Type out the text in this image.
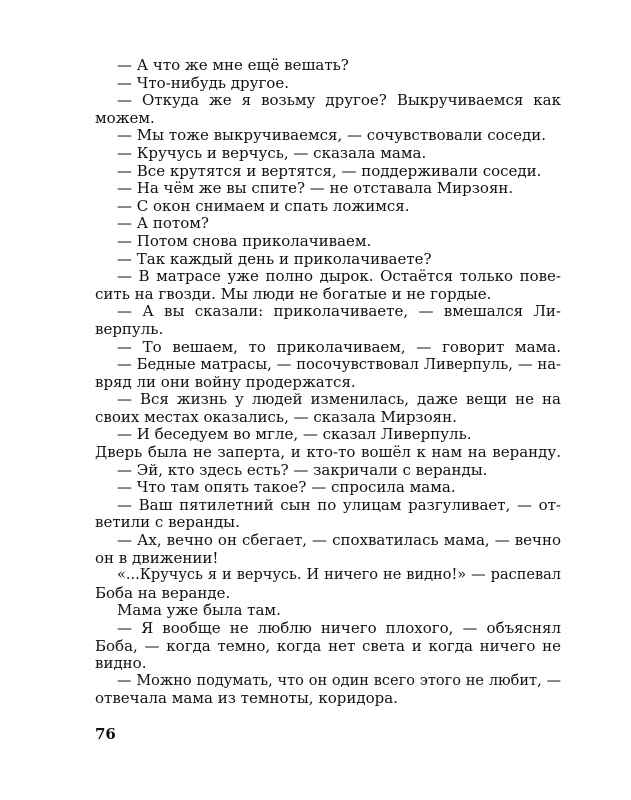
— А что же мне ещё вешать?
— Что-нибудь другое.
— Откуда же я возьму другое? Выкручиваемся как
можем.
— Мы тоже выкручиваемся, — сочувствовали соседи.
— Кручусь и верчусь, — сказала мама.
— Все крутятся и вертятся, — поддерживали соседи.
— На чём же вы спите? — не отставала Мирзоян.
— С окон снимаем и спать ложимся.
— А потом?
— Потом снова приколачиваем.
— Так каждый день и приколачиваете?
— В матрасе уже полно дырок. Остаётся только пове-
сить на гвозди. Мы люди не богатые и не гордые.
— А вы сказали: приколачиваете, — вмешался Ли-
верпуль.
— То вешаем, то приколачиваем, — говорит мама.
— Бедные матрасы, — посочувствовал Ливерпуль, — на-
вряд ли они войну продержатся.
— Вся жизнь у людей изменилась, даже вещи не на
своих местах оказались, — сказала Мирзоян.
— И беседуем во мгле, — сказал Ливерпуль.
Дверь была не заперта, и кто-то вошёл к нам на веранду.
— Эй, кто здесь есть? — закричали с веранды.
— Что там опять такое? — спросила мама.
— Ваш пятилетний сын по улицам разгуливает, — от-
ветили с веранды.
— Ах, вечно он сбегает, — спохватилась мама, — вечно
он в движении!
«...Кручусь я и верчусь. И ничего не видно!» — распевал
Боба на веранде.
Мама уже была там.
— Я вообще не люблю ничего плохого, — объяснял
Боба, — когда темно, когда нет света и когда ничего не
видно.
— Можно подумать, что он один всего этого не любит, —
отвечала мама из темноты, коридора.
76
